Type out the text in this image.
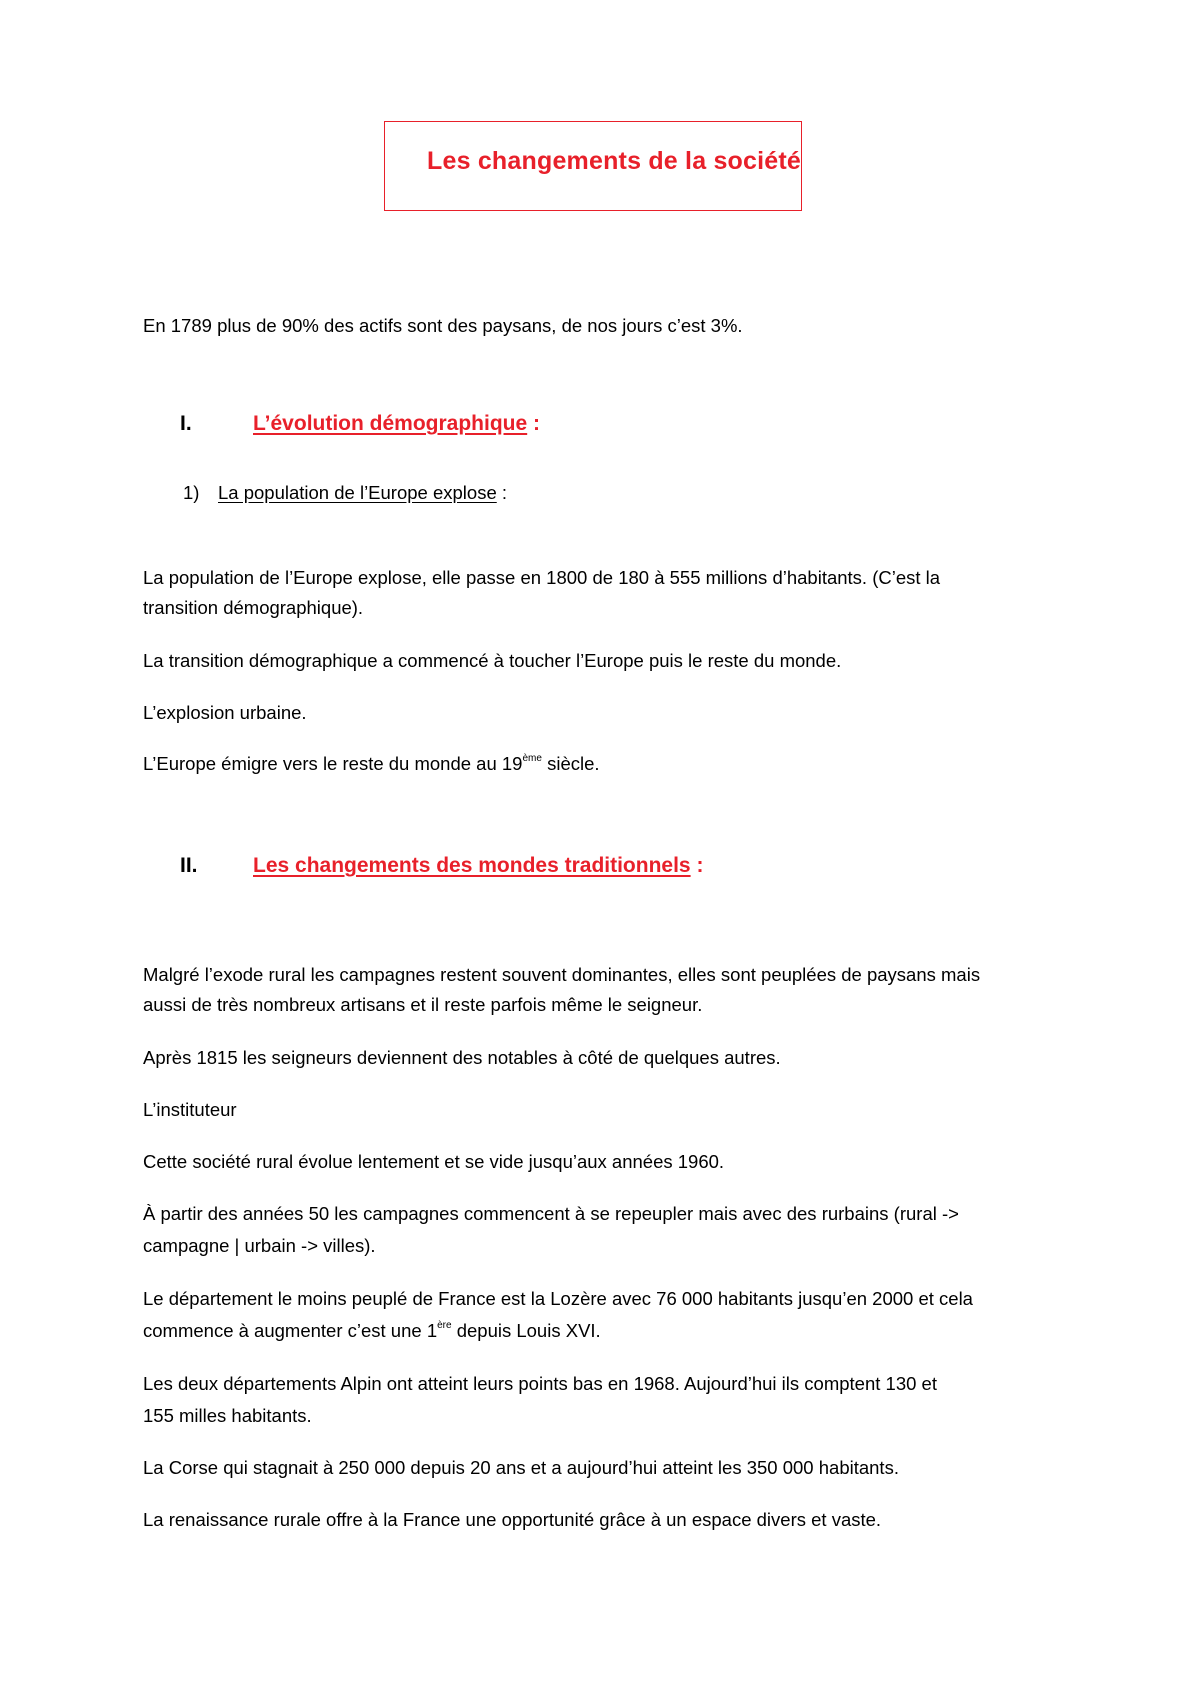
Les changements de la société
En 1789 plus de 90% des actifs sont des paysans, de nos jours c’est 3%.
I.	L’évolution démographique :
1) La population de l’Europe explose :
La population de l’Europe explose, elle passe en 1800 de 180 à 555 millions d’habitants. (C’est la
transition démographique).
La transition démographique a commencé à toucher l’Europe puis le reste du monde.
L’explosion urbaine.
L’Europe émigre vers le reste du monde au 19ème siècle.
II.	Les changements des mondes traditionnels :
Malgré l’exode rural les campagnes restent souvent dominantes, elles sont peuplées de paysans mais
aussi de très nombreux artisans et il reste parfois même le seigneur.
Après 1815 les seigneurs deviennent des notables à côté de quelques autres.
L’instituteur
Cette société rural évolue lentement et se vide jusqu’aux années 1960.
À partir des années 50 les campagnes commencent à se repeupler mais avec des rurbains (rural ->
campagne | urbain -> villes).
Le département le moins peuplé de France est la Lozère avec 76 000 habitants jusqu’en 2000 et cela
commence à augmenter c’est une 1ère depuis Louis XVI.
Les deux départements Alpin ont atteint leurs points bas en 1968. Aujourd’hui ils comptent 130 et
155 milles habitants.
La Corse qui stagnait à 250 000 depuis 20 ans et a aujourd’hui atteint les 350 000 habitants.
La renaissance rurale offre à la France une opportunité grâce à un espace divers et vaste.
